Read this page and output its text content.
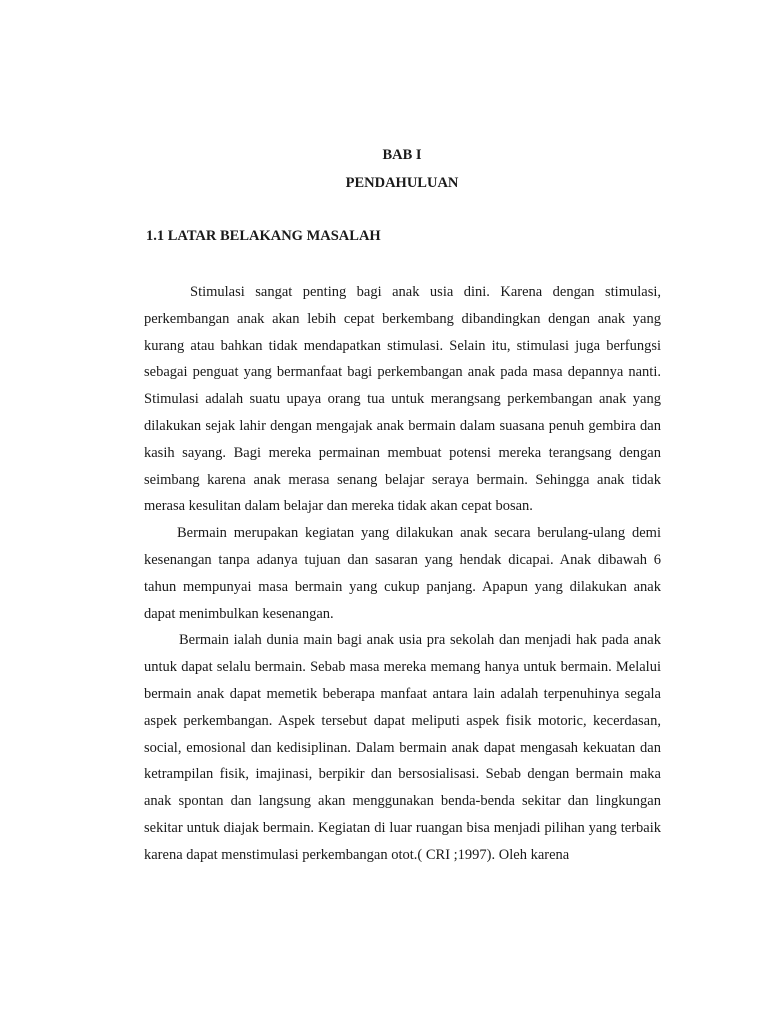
BAB I
PENDAHULUAN
1.1 LATAR BELAKANG MASALAH

Stimulasi sangat penting bagi anak usia dini. Karena dengan stimulasi, perkembangan anak akan lebih cepat berkembang dibandingkan dengan anak yang kurang atau bahkan tidak mendapatkan stimulasi. Selain itu, stimulasi juga berfungsi sebagai penguat yang bermanfaat bagi perkembangan anak pada masa depannya nanti. Stimulasi adalah suatu upaya orang tua untuk merangsang perkembangan anak yang dilakukan sejak lahir dengan mengajak anak bermain dalam suasana penuh gembira dan kasih sayang. Bagi mereka permainan membuat potensi mereka terangsang dengan seimbang karena anak merasa senang belajar seraya bermain. Sehingga anak tidak merasa kesulitan dalam belajar dan mereka tidak akan cepat bosan.

Bermain merupakan kegiatan yang dilakukan anak secara berulang-ulang demi kesenangan tanpa adanya tujuan dan sasaran yang hendak dicapai. Anak dibawah 6 tahun mempunyai masa bermain yang cukup panjang. Apapun yang dilakukan anak dapat menimbulkan kesenangan.

Bermain ialah dunia main bagi anak usia pra sekolah dan menjadi hak pada anak untuk dapat selalu bermain. Sebab masa mereka memang hanya untuk bermain. Melalui bermain anak dapat memetik beberapa manfaat antara lain adalah terpenuhinya segala aspek perkembangan. Aspek tersebut dapat meliputi aspek fisik motoric, kecerdasan, social, emosional dan kedisiplinan. Dalam bermain anak dapat mengasah kekuatan dan ketrampilan fisik, imajinasi, berpikir dan bersosialisasi. Sebab dengan bermain maka anak spontan dan langsung akan menggunakan benda-benda sekitar dan lingkungan sekitar untuk diajak bermain. Kegiatan di luar ruangan bisa menjadi pilihan yang terbaik karena dapat menstimulasi perkembangan otot.( CRI ;1997). Oleh karena
